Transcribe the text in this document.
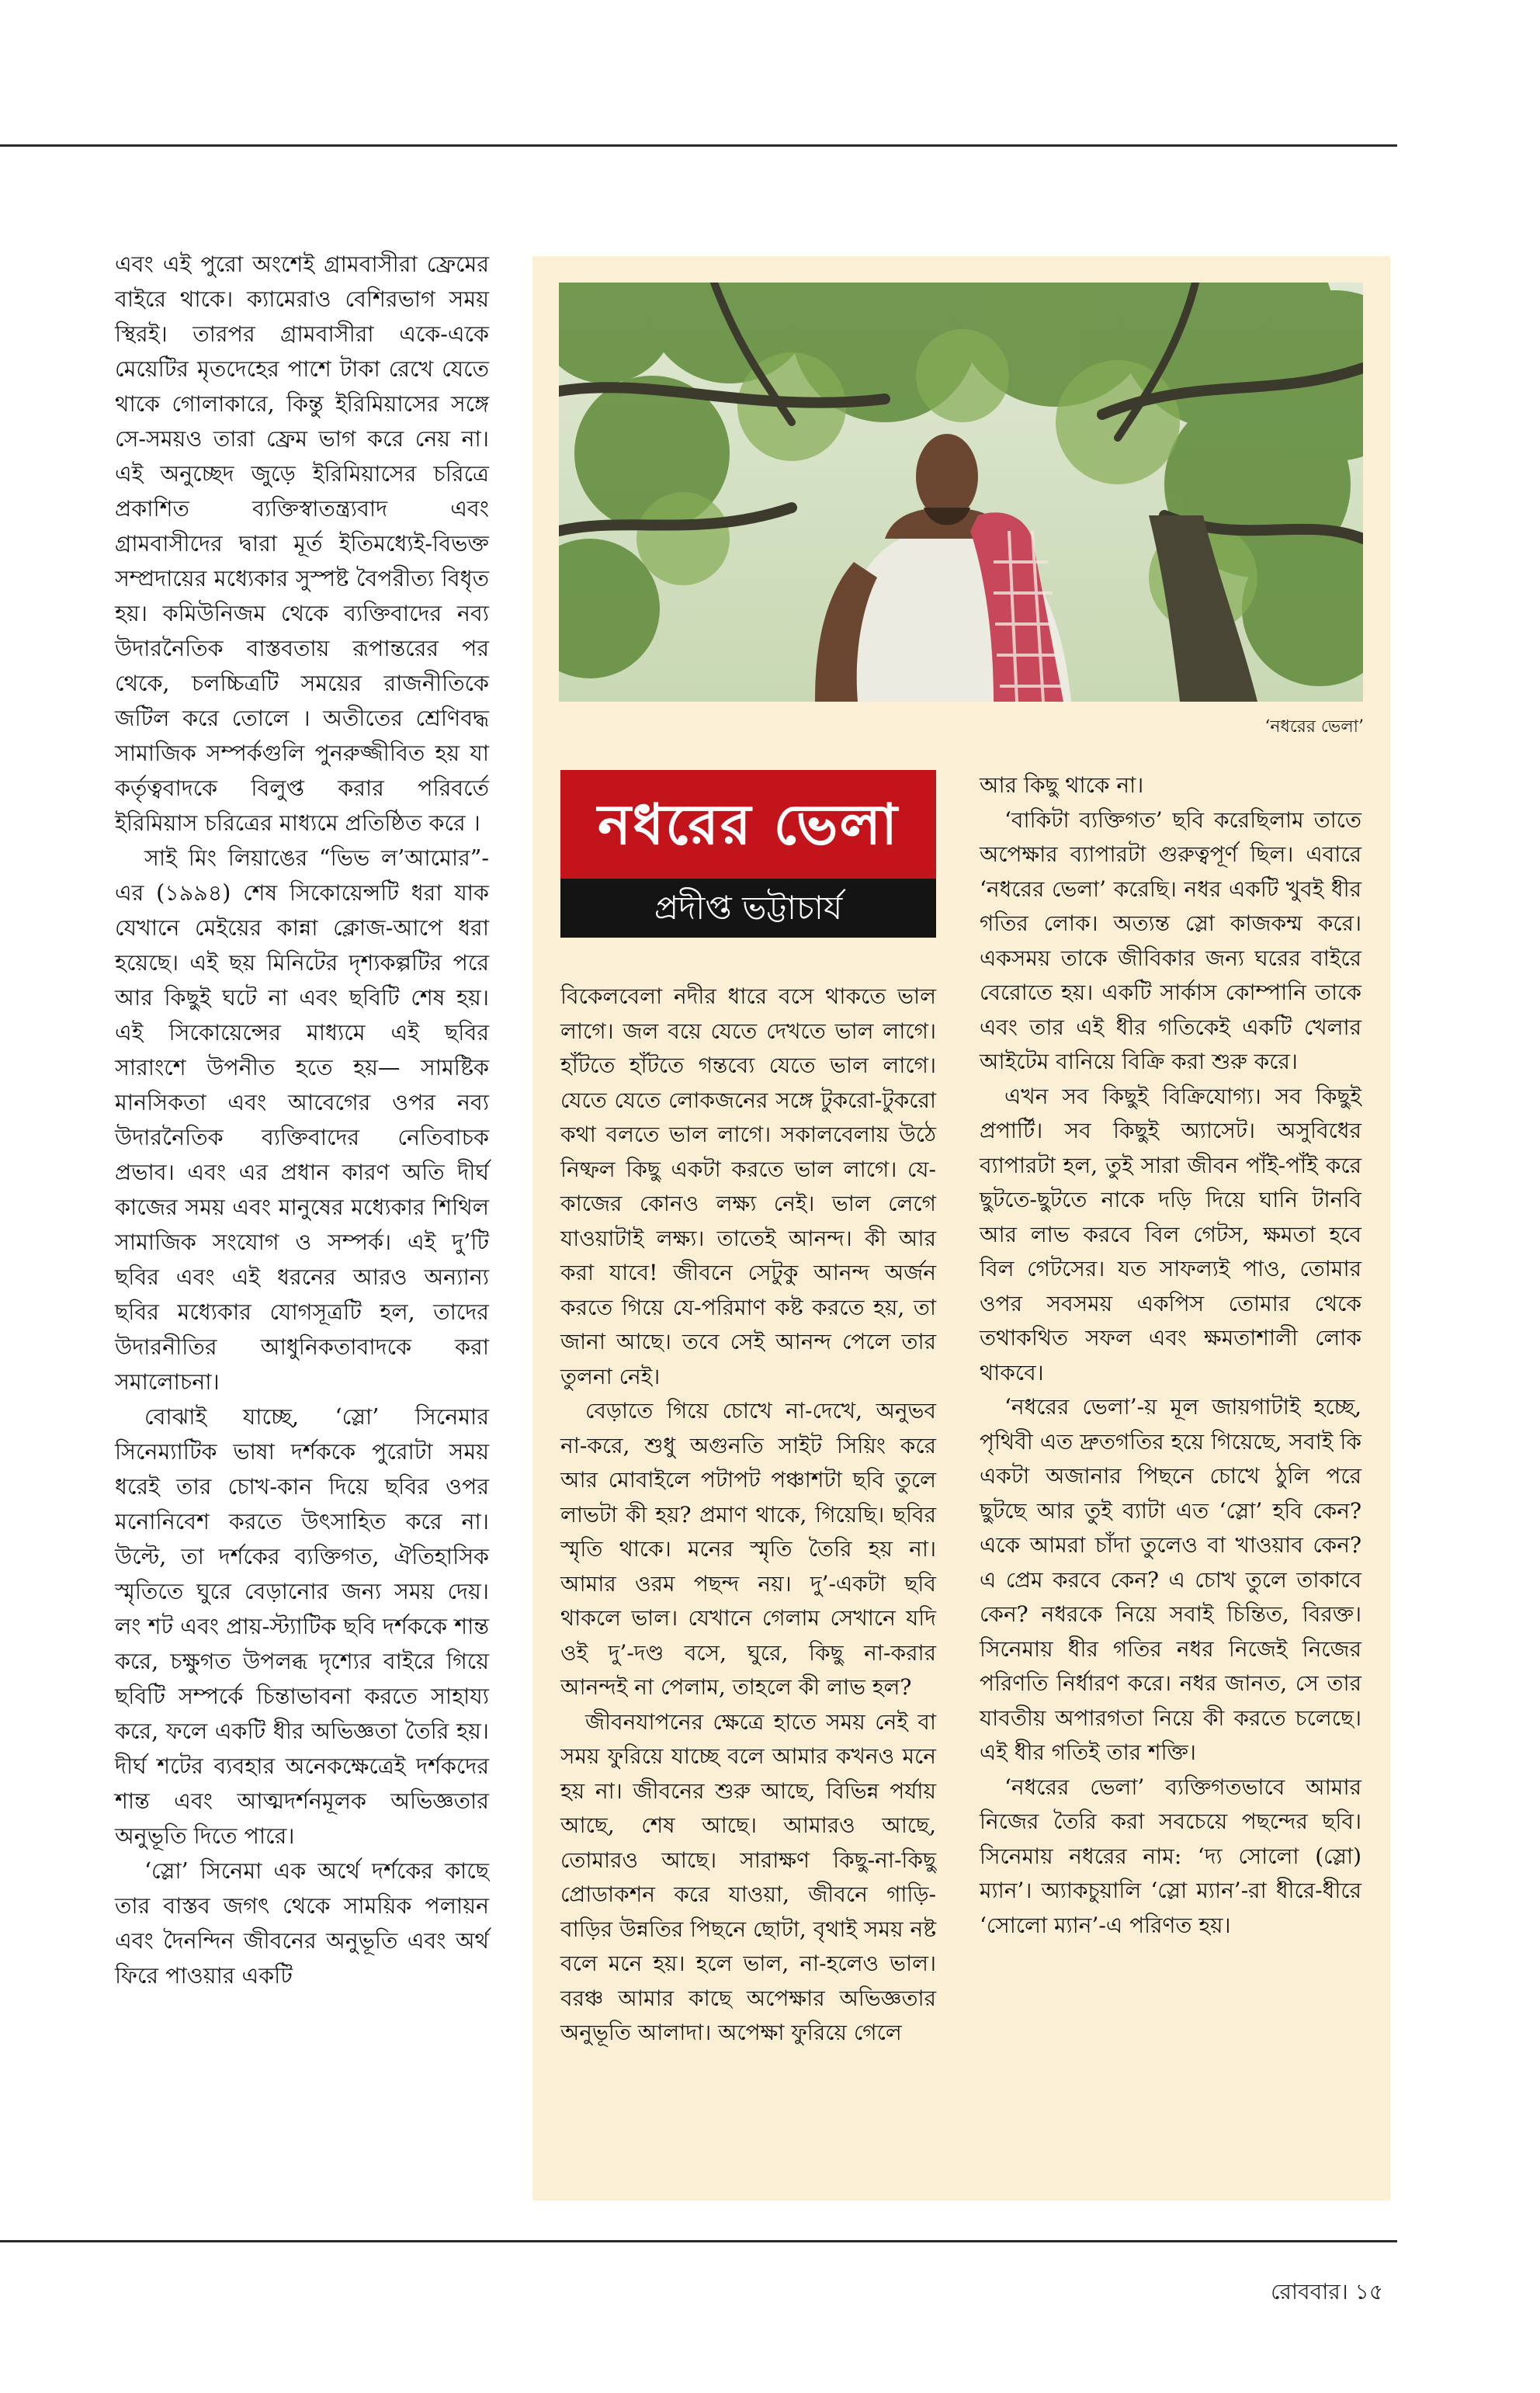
এবং এই পুরো অংশেই গ্রামবাসীরা ফ্রেমের বাইরে থাকে। ক্যামেরাও বেশিরভাগ সময় স্থিরই। তারপর গ্রামবাসীরা একে-একে মেয়েটির মৃতদেহের পাশে টাকা রেখে যেতে থাকে গোলাকারে, কিন্তু ইরিমিয়াসের সঙ্গে সে-সময়ও তারা ফ্রেম ভাগ করে নেয় না। এই অনুচ্ছেদ জুড়ে ইরিমিয়াসের চরিত্রে প্রকাশিত ব্যক্তিস্বাতন্ত্র্যবাদ এবং গ্রামবাসীদের দ্বারা মূর্ত ইতিমধ্যেই-বিভক্ত সম্প্রদায়ের মধ্যেকার সুস্পষ্ট বৈপরীত্য বিধৃত হয়। কমিউনিজম থেকে ব্যক্তিবাদের নব্য উদারনৈতিক বাস্তবতায় রূপান্তরের পর থেকে, চলচ্চিত্রটি সময়ের রাজনীতিকে জটিল করে তোলে । অতীতের শ্রেণিবদ্ধ সামাজিক সম্পর্কগুলি পুনরুজ্জীবিত হয় যা কর্তৃত্ববাদকে বিলুপ্ত করার পরিবর্তে ইরিমিয়াস চরিত্রের মাধ্যমে প্রতিষ্ঠিত করে ।

সাই মিং লিয়াঙের “ভিভ ল’আমোর”-এর (১৯৯৪) শেষ সিকোয়েন্সটি ধরা যাক যেখানে মেইয়ের কান্না ক্লোজ-আপে ধরা হয়েছে। এই ছয় মিনিটের দৃশ্যকল্পটির পরে আর কিছুই ঘটে না এবং ছবিটি শেষ হয়। এই সিকোয়েন্সের মাধ্যমে এই ছবির সারাংশে উপনীত হতে হয়— সামষ্টিক মানসিকতা এবং আবেগের ওপর নব্য উদারনৈতিক ব্যক্তিবাদের নেতিবাচক প্রভাব। এবং এর প্রধান কারণ অতি দীর্ঘ কাজের সময় এবং মানুষের মধ্যেকার শিথিল সামাজিক সংযোগ ও সম্পর্ক। এই দু’টি ছবির এবং এই ধরনের আরও অন্যান্য ছবির মধ্যেকার যোগসূত্রটি হল, তাদের উদারনীতির আধুনিকতাবাদকে করা সমালোচনা।

বোঝাই যাচ্ছে, ‘স্লো’ সিনেমার সিনেম্যাটিক ভাষা দর্শককে পুরোটা সময় ধরেই তার চোখ-কান দিয়ে ছবির ওপর মনোনিবেশ করতে উৎসাহিত করে না। উল্টে, তা দর্শকের ব্যক্তিগত, ঐতিহাসিক স্মৃতিতে ঘুরে বেড়ানোর জন্য সময় দেয়। লং শট এবং প্রায়-স্ট্যাটিক ছবি দর্শককে শান্ত করে, চক্ষুগত উপলব্ধ দৃশ্যের বাইরে গিয়ে ছবিটি সম্পর্কে চিন্তাভাবনা করতে সাহায্য করে, ফলে একটি ধীর অভিজ্ঞতা তৈরি হয়। দীর্ঘ শটের ব্যবহার অনেকক্ষেত্রেই দর্শকদের শান্ত এবং আত্মদর্শনমূলক অভিজ্ঞতার অনুভূতি দিতে পারে।

‘স্লো’ সিনেমা এক অর্থে দর্শকের কাছে তার বাস্তব জগৎ থেকে সাময়িক পলায়ন এবং দৈনন্দিন জীবনের অনুভূতি এবং অর্থ ফিরে পাওয়ার একটি

‘নধরের ভেলা’
নধরের ভেলা
প্রদীপ্ত ভট্টাচার্য

বিকেলবেলা নদীর ধারে বসে থাকতে ভাল লাগে। জল বয়ে যেতে দেখতে ভাল লাগে। হাঁটতে হাঁটতে গন্তব্যে যেতে ভাল লাগে। যেতে যেতে লোকজনের সঙ্গে টুকরো-টুকরো কথা বলতে ভাল লাগে। সকালবেলায় উঠে নিষ্ফল কিছু একটা করতে ভাল লাগে। যে-কাজের কোনও লক্ষ্য নেই। ভাল লেগে যাওয়াটাই লক্ষ্য। তাতেই আনন্দ। কী আর করা যাবে! জীবনে সেটুকু আনন্দ অর্জন করতে গিয়ে যে-পরিমাণ কষ্ট করতে হয়, তা জানা আছে। তবে সেই আনন্দ পেলে তার তুলনা নেই।

বেড়াতে গিয়ে চোখে না-দেখে, অনুভব না-করে, শুধু অগুনতি সাইট সিয়িং করে আর মোবাইলে পটাপট পঞ্চাশটা ছবি তুলে লাভটা কী হয়? প্রমাণ থাকে, গিয়েছি। ছবির স্মৃতি থাকে। মনের স্মৃতি তৈরি হয় না। আমার ওরম পছন্দ নয়। দু’-একটা ছবি থাকলে ভাল। যেখানে গেলাম সেখানে যদি ওই দু’-দণ্ড বসে, ঘুরে, কিছু না-করার আনন্দই না পেলাম, তাহলে কী লাভ হল?

জীবনযাপনের ক্ষেত্রে হাতে সময় নেই বা সময় ফুরিয়ে যাচ্ছে বলে আমার কখনও মনে হয় না। জীবনের শুরু আছে, বিভিন্ন পর্যায় আছে, শেষ আছে। আমারও আছে, তোমারও আছে। সারাক্ষণ কিছু-না-কিছু প্রোডাকশন করে যাওয়া, জীবনে গাড়ি-বাড়ির উন্নতির পিছনে ছোটা, বৃথাই সময় নষ্ট বলে মনে হয়। হলে ভাল, না-হলেও ভাল। বরঞ্চ আমার কাছে অপেক্ষার অভিজ্ঞতার অনুভূতি আলাদা। অপেক্ষা ফুরিয়ে গেলে

আর কিছু থাকে না।

‘বাকিটা ব্যক্তিগত’ ছবি করেছিলাম তাতে অপেক্ষার ব্যাপারটা গুরুত্বপূর্ণ ছিল। এবারে ‘নধরের ভেলা’ করেছি। নধর একটি খুবই ধীর গতির লোক। অত্যন্ত স্লো কাজকম্ম করে। একসময় তাকে জীবিকার জন্য ঘরের বাইরে বেরোতে হয়। একটি সার্কাস কোম্পানি তাকে এবং তার এই ধীর গতিকেই একটি খেলার আইটেম বানিয়ে বিক্রি করা শুরু করে।

এখন সব কিছুই বিক্রিযোগ্য। সব কিছুই প্রপার্টি। সব কিছুই অ্যাসেট। অসুবিধের ব্যাপারটা হল, তুই সারা জীবন পাঁই-পাঁই করে ছুটতে-ছুটতে নাকে দড়ি দিয়ে ঘানি টানবি আর লাভ করবে বিল গেটস, ক্ষমতা হবে বিল গেটসের। যত সাফল্যই পাও, তোমার ওপর সবসময় একপিস তোমার থেকে তথাকথিত সফল এবং ক্ষমতাশালী লোক থাকবে।

‘নধরের ভেলা’-য় মূল জায়গাটাই হচ্ছে, পৃথিবী এত দ্রুতগতির হয়ে গিয়েছে, সবাই কি একটা অজানার পিছনে চোখে ঠুলি পরে ছুটছে আর তুই ব্যাটা এত ‘স্লো’ হবি কেন? একে আমরা চাঁদা তুলেও বা খাওয়াব কেন? এ প্রেম করবে কেন? এ চোখ তুলে তাকাবে কেন? নধরকে নিয়ে সবাই চিন্তিত, বিরক্ত। সিনেমায় ধীর গতির নধর নিজেই নিজের পরিণতি নির্ধারণ করে। নধর জানত, সে তার যাবতীয় অপারগতা নিয়ে কী করতে চলেছে। এই ধীর গতিই তার শক্তি।

‘নধরের ভেলা’ ব্যক্তিগতভাবে আমার নিজের তৈরি করা সবচেয়ে পছন্দের ছবি। সিনেমায় নধরের নাম: ‘দ্য সোলো (স্লো) ম্যান’। অ্যাকচুয়ালি ‘স্লো ম্যান’-রা ধীরে-ধীরে ‘সোলো ম্যান’-এ পরিণত হয়।

রোববার। ১৫
